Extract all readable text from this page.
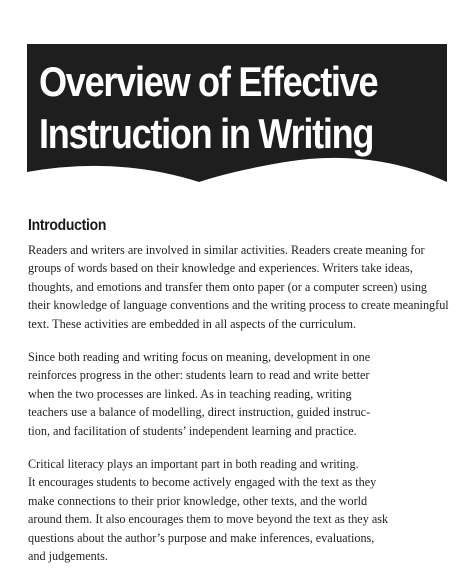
Overview of Effective
Instruction in Writing
Introduction

Readers and writers are involved in similar activities. Readers create meaning for
groups of words based on their knowledge and experiences. Writers take ideas,
thoughts, and emotions and transfer them onto paper (or a computer screen) using
their knowledge of language conventions and the writing process to create meaningful
text. These activities are embedded in all aspects of the curriculum.

Since both reading and writing focus on meaning, development in one
reinforces progress in the other: students learn to read and write better
when the two processes are linked. As in teaching reading, writing
teachers use a balance of modelling, direct instruction, guided instruc-
tion, and facilitation of students’ independent learning and practice.

Critical literacy plays an important part in both reading and writing.
It encourages students to become actively engaged with the text as they
make connections to their prior knowledge, other texts, and the world
around them. It also encourages them to move beyond the text as they ask
questions about the author’s purpose and make inferences, evaluations,
and judgements.
